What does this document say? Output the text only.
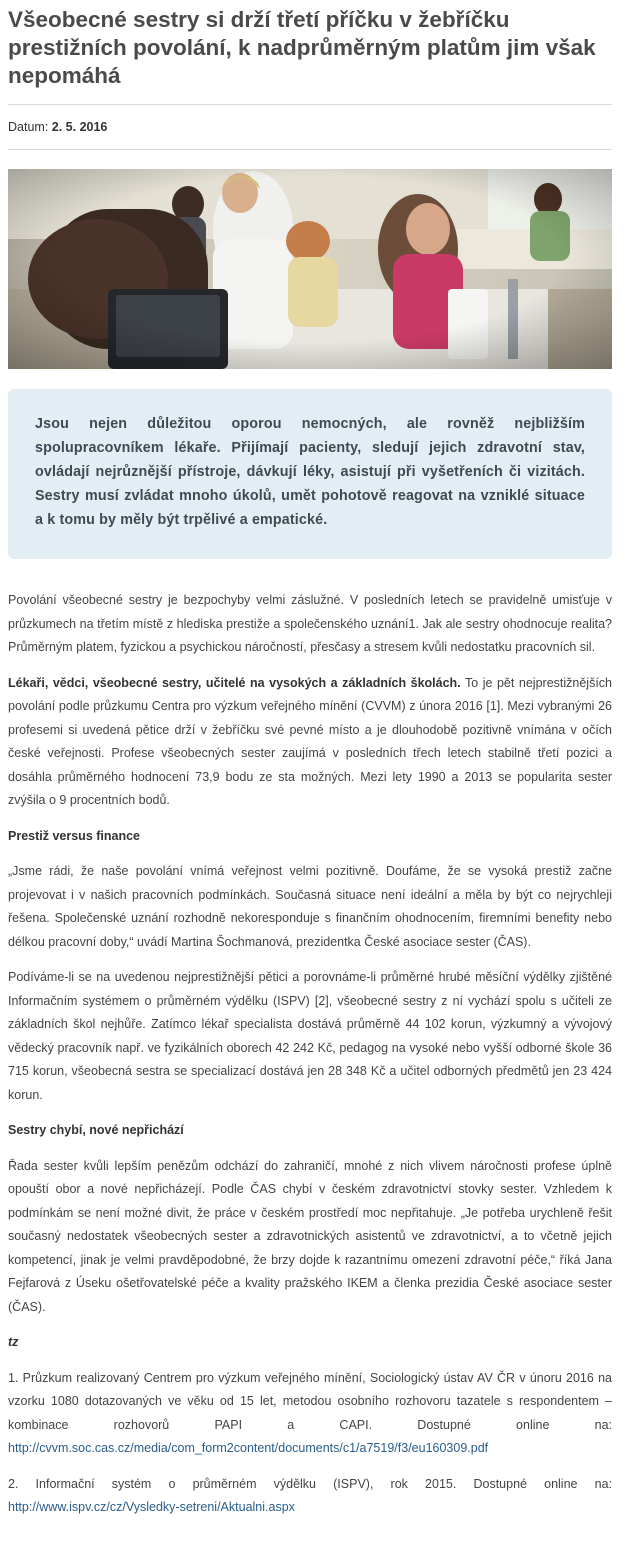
Všeobecné sestry si drží třetí příčku v žebříčku prestižních povolání, k nadprůměrným platům jim však nepomáhá
Datum: 2. 5. 2016

Jsou nejen důležitou oporou nemocných, ale rovněž nejbližším spolupracovníkem lékaře. Přijímají pacienty, sledují jejich zdravotní stav, ovládají nejrůznější přístroje, dávkují léky, asistují při vyšetřeních či vizitách. Sestry musí zvládat mnoho úkolů, umět pohotově reagovat na vzniklé situace a k tomu by měly být trpělivé a empatické.

Povolání všeobecné sestry je bezpochyby velmi záslužné. V posledních letech se pravidelně umisťuje v průzkumech na třetím místě z hlediska prestiže a společenského uznání1. Jak ale sestry ohodnocuje realita? Průměrným platem, fyzickou a psychickou náročností, přesčasy a stresem kvůli nedostatku pracovních sil.

Lékaři, vědci, všeobecné sestry, učitelé na vysokých a základních školách. To je pět nejprestižnějších povolání podle průzkumu Centra pro výzkum veřejného mínění (CVVM) z února 2016 [1]. Mezi vybranými 26 profesemi si uvedená pětice drží v žebříčku své pevné místo a je dlouhodobě pozitivně vnímána v očích české veřejnosti. Profese všeobecných sester zaujímá v posledních třech letech stabilně třetí pozici a dosáhla průměrného hodnocení 73,9 bodu ze sta možných. Mezi lety 1990 a 2013 se popularita sester zvýšila o 9 procentních bodů.

Prestiž versus finance

„Jsme rádi, že naše povolání vnímá veřejnost velmi pozitivně. Doufáme, že se vysoká prestiž začne projevovat i v našich pracovních podmínkách. Současná situace není ideální a měla by být co nejrychleji řešena. Společenské uznání rozhodně nekoresponduje s finančním ohodnocením, firemními benefity nebo délkou pracovní doby,“ uvádí Martina Šochmanová, prezidentka České asociace sester (ČAS).

Podíváme-li se na uvedenou nejprestižnější pětici a porovnáme-li průměrné hrubé měsíční výdělky zjištěné Informačním systémem o průměrném výdělku (ISPV) [2], všeobecné sestry z ní vychází spolu s učiteli ze základních škol nejhůře. Zatímco lékař specialista dostává průměrně 44 102 korun, výzkumný a vývojový vědecký pracovník např. ve fyzikálních oborech 42 242 Kč, pedagog na vysoké nebo vyšší odborné škole 36 715 korun, všeobecná sestra se specializací dostává jen 28 348 Kč a učitel odborných předmětů jen 23 424 korun.

Sestry chybí, nové nepřichází

Řada sester kvůli lepším penězům odchází do zahraničí, mnohé z nich vlivem náročnosti profese úplně opouští obor a nové nepřicházejí. Podle ČAS chybí v českém zdravotnictví stovky sester. Vzhledem k podmínkám se není možné divit, že práce v českém prostředí moc nepřitahuje. „Je potřeba urychleně řešit současný nedostatek všeobecných sester a zdravotnických asistentů ve zdravotnictví, a to včetně jejich kompetencí, jinak je velmi pravděpodobné, že brzy dojde k razantnímu omezení zdravotní péče,“ říká Jana Fejfarová z Úseku ošetřovatelské péče a kvality pražského IKEM a členka prezidia České asociace sester (ČAS).

tz

1. Průzkum realizovaný Centrem pro výzkum veřejného mínění, Sociologický ústav AV ČR v únoru 2016 na vzorku 1080 dotazovaných ve věku od 15 let, metodou osobního rozhovoru tazatele s respondentem – kombinace rozhovorů PAPI a CAPI. Dostupné online na: http://cvvm.soc.cas.cz/media/com_form2content/documents/c1/a7519/f3/eu160309.pdf

2. Informační systém o průměrném výdělku (ISPV), rok 2015. Dostupné online na: http://www.ispv.cz/cz/Vysledky-setreni/Aktualni.aspx
